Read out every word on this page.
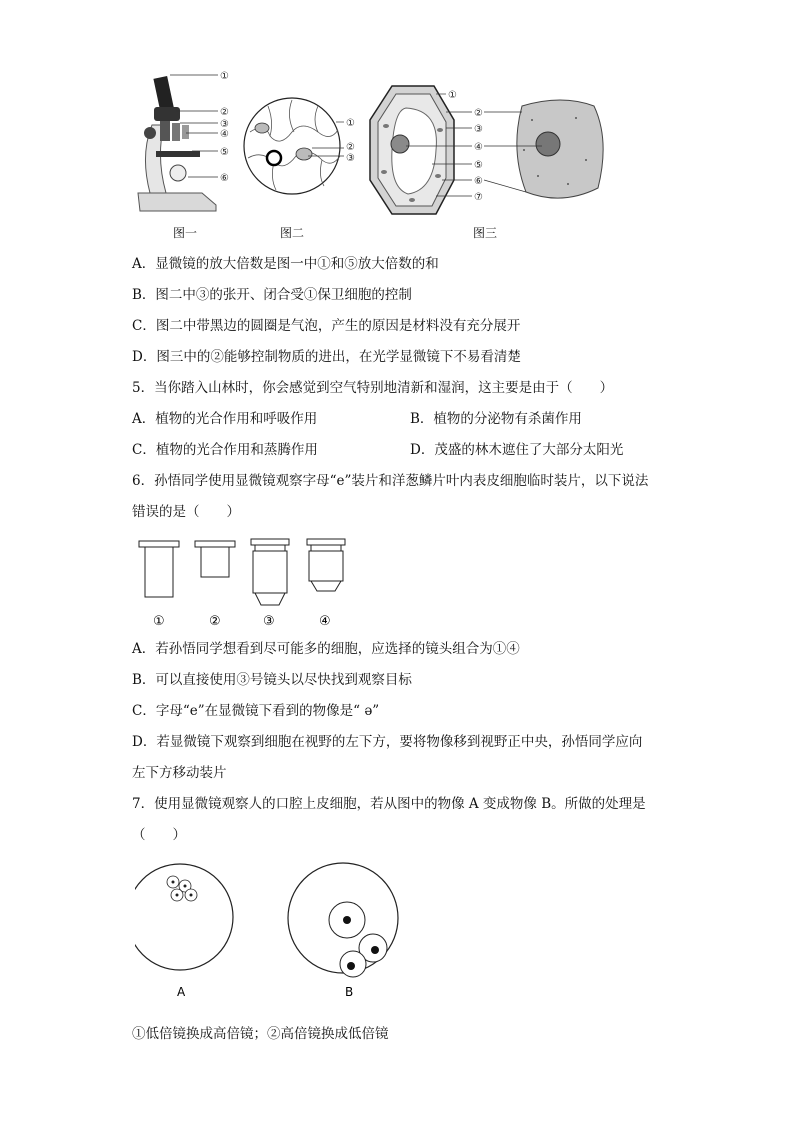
①
②
③
④
⑤
⑥
图一
①
②
③
图二
①
②
③
④
⑤
⑥
⑦
图三
A．显微镜的放大倍数是图一中①和⑤放大倍数的和
B．图二中③的张开、闭合受①保卫细胞的控制
C．图二中带黑边的圆圈是气泡，产生的原因是材料没有充分展开
D．图三中的②能够控制物质的进出，在光学显微镜下不易看清楚
5．当你踏入山林时，你会感觉到空气特别地清新和湿润，这主要是由于（　　）
A．植物的光合作用和呼吸作用	B．植物的分泌物有杀菌作用
C．植物的光合作用和蒸腾作用	D．茂盛的林木遮住了大部分太阳光
6．孙悟同学使用显微镜观察字母“e”装片和洋葱鳞片叶内表皮细胞临时装片，以下说法
错误的是（　　）
①	②	③	④
A．若孙悟同学想看到尽可能多的细胞，应选择的镜头组合为①④
B．可以直接使用③号镜头以尽快找到观察目标
C．字母“e”在显微镜下看到的物像是“ ə”
D．若显微镜下观察到细胞在视野的左下方，要将物像移到视野正中央，孙悟同学应向
左下方移动装片
7．使用显微镜观察人的口腔上皮细胞，若从图中的物像 A 变成物像 B。所做的处理是
（　　）
A	B
①低倍镜换成高倍镜；②高倍镜换成低倍镜
